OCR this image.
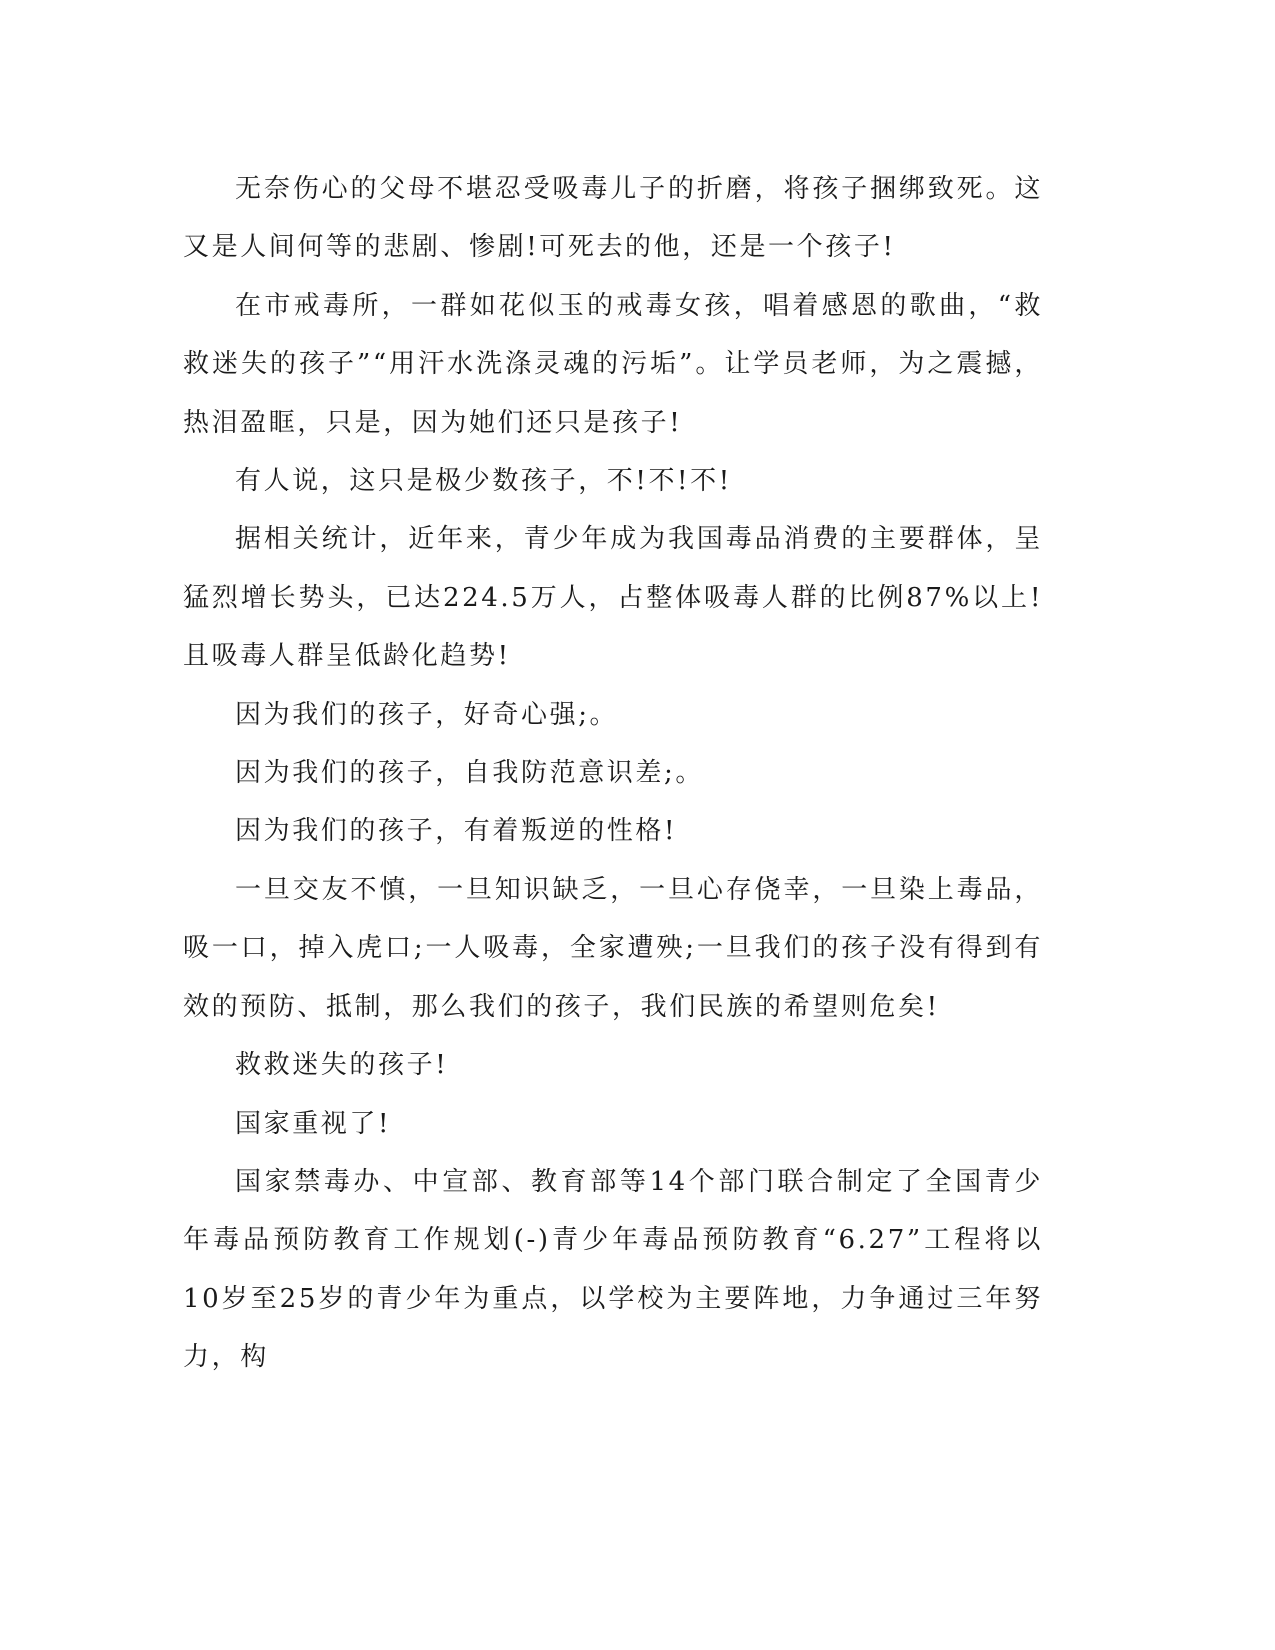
无奈伤心的父母不堪忍受吸毒儿子的折磨，将孩子捆绑致死。这又是人间何等的悲剧、惨剧!可死去的他，还是一个孩子!

在市戒毒所，一群如花似玉的戒毒女孩，唱着感恩的歌曲，“救救迷失的孩子”“用汗水洗涤灵魂的污垢”。让学员老师，为之震撼，热泪盈眶，只是，因为她们还只是孩子!

有人说，这只是极少数孩子，不!不!不!

据相关统计，近年来，青少年成为我国毒品消费的主要群体，呈猛烈增长势头，已达224.5万人，占整体吸毒人群的比例87%以上!且吸毒人群呈低龄化趋势!

因为我们的孩子，好奇心强;。

因为我们的孩子，自我防范意识差;。

因为我们的孩子，有着叛逆的性格!

一旦交友不慎，一旦知识缺乏，一旦心存侥幸，一旦染上毒品，吸一口，掉入虎口;一人吸毒，全家遭殃;一旦我们的孩子没有得到有效的预防、抵制，那么我们的孩子，我们民族的希望则危矣!

救救迷失的孩子!

国家重视了!

国家禁毒办、中宣部、教育部等14个部门联合制定了全国青少年毒品预防教育工作规划(-)青少年毒品预防教育“6.27”工程将以10岁至25岁的青少年为重点，以学校为主要阵地，力争通过三年努力，构
